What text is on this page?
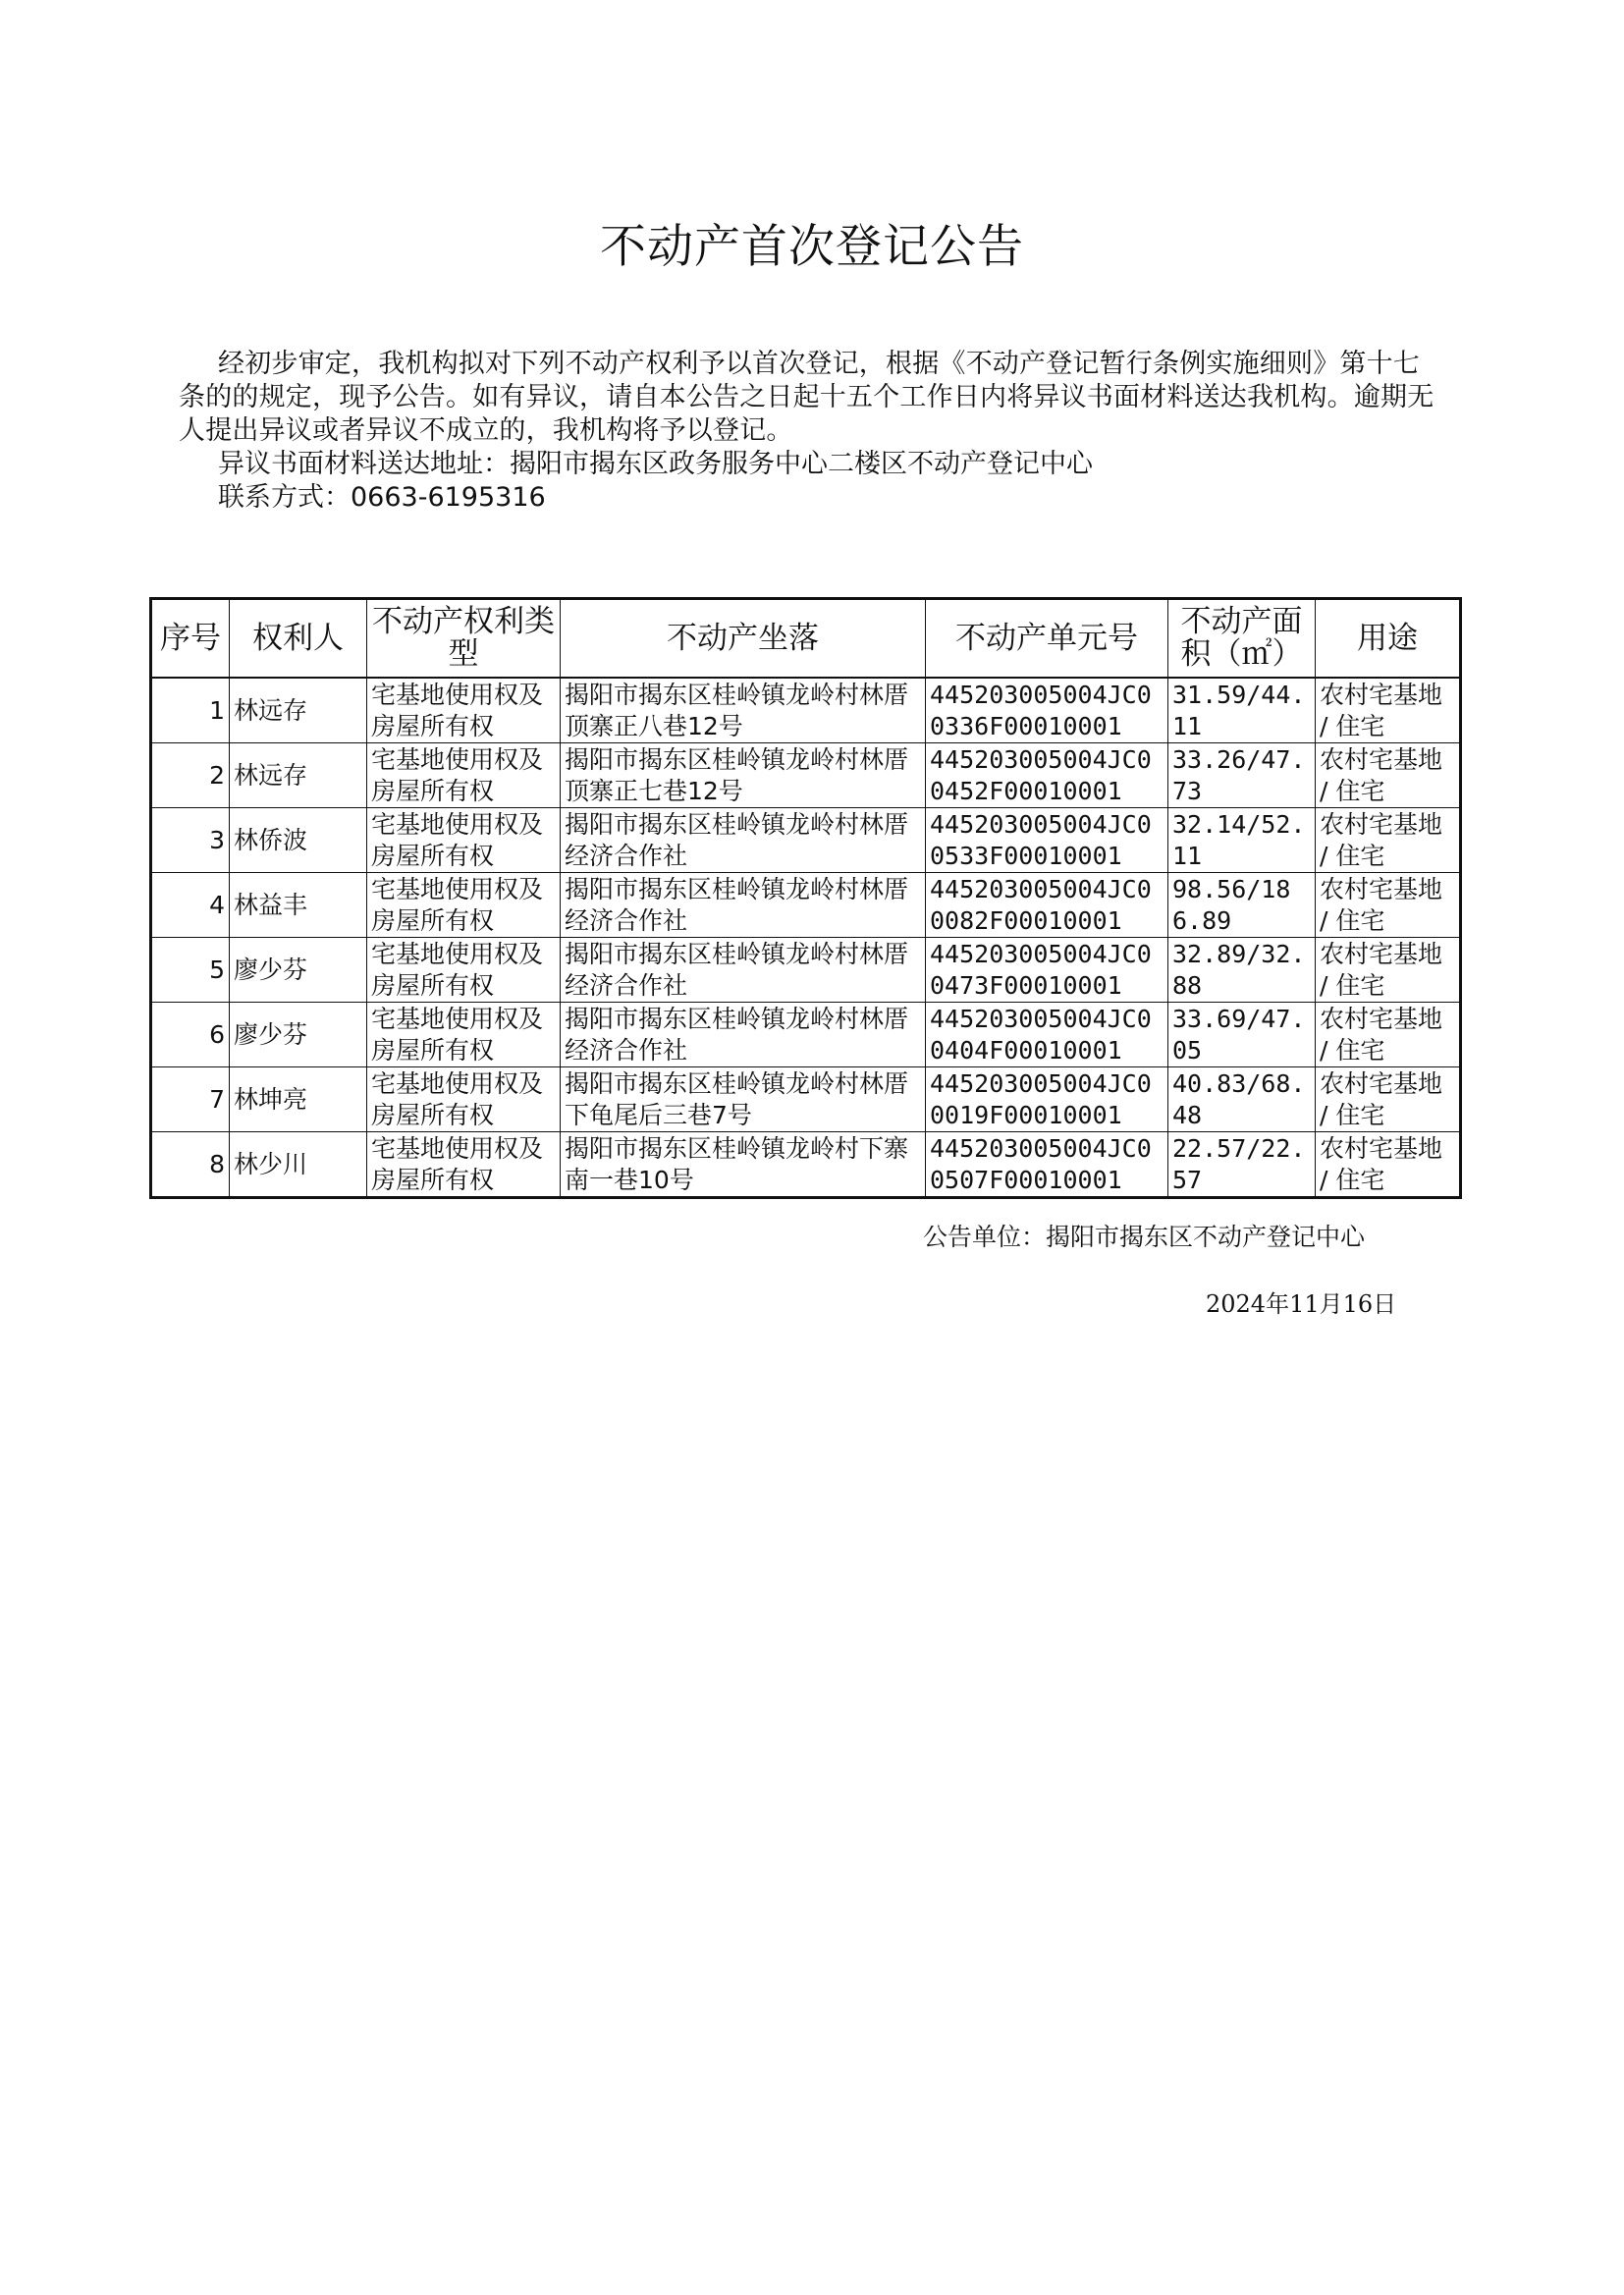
不动产首次登记公告

经初步审定，我机构拟对下列不动产权利予以首次登记，根据《不动产登记暂行条例实施细则》第十七条的的规定，现予公告。如有异议，请自本公告之日起十五个工作日内将异议书面材料送达我机构。逾期无人提出异议或者异议不成立的，我机构将予以登记。

异议书面材料送达地址：揭阳市揭东区政务服务中心二楼区不动产登记中心

联系方式：0663-6195316

序号	权利人	不动产权利类型	不动产坐落	不动产单元号	不动产面积（㎡）	用途
1	林远存	宅基地使用权及房屋所有权	揭阳市揭东区桂岭镇龙岭村林厝顶寨正八巷12号	445203005004JC00336F00010001	31.59/44.11	农村宅基地 / 住宅
2	林远存	宅基地使用权及房屋所有权	揭阳市揭东区桂岭镇龙岭村林厝顶寨正七巷12号	445203005004JC00452F00010001	33.26/47.73	农村宅基地 / 住宅
3	林侨波	宅基地使用权及房屋所有权	揭阳市揭东区桂岭镇龙岭村林厝经济合作社	445203005004JC00533F00010001	32.14/52.11	农村宅基地 / 住宅
4	林益丰	宅基地使用权及房屋所有权	揭阳市揭东区桂岭镇龙岭村林厝经济合作社	445203005004JC00082F00010001	98.56/186.89	农村宅基地 / 住宅
5	廖少芬	宅基地使用权及房屋所有权	揭阳市揭东区桂岭镇龙岭村林厝经济合作社	445203005004JC00473F00010001	32.89/32.88	农村宅基地 / 住宅
6	廖少芬	宅基地使用权及房屋所有权	揭阳市揭东区桂岭镇龙岭村林厝经济合作社	445203005004JC00404F00010001	33.69/47.05	农村宅基地 / 住宅
7	林坤亮	宅基地使用权及房屋所有权	揭阳市揭东区桂岭镇龙岭村林厝下龟尾后三巷7号	445203005004JC00019F00010001	40.83/68.48	农村宅基地 / 住宅
8	林少川	宅基地使用权及房屋所有权	揭阳市揭东区桂岭镇龙岭村下寨南一巷10号	445203005004JC00507F00010001	22.57/22.57	农村宅基地 / 住宅
公告单位：揭阳市揭东区不动产登记中心
2024年11月16日
